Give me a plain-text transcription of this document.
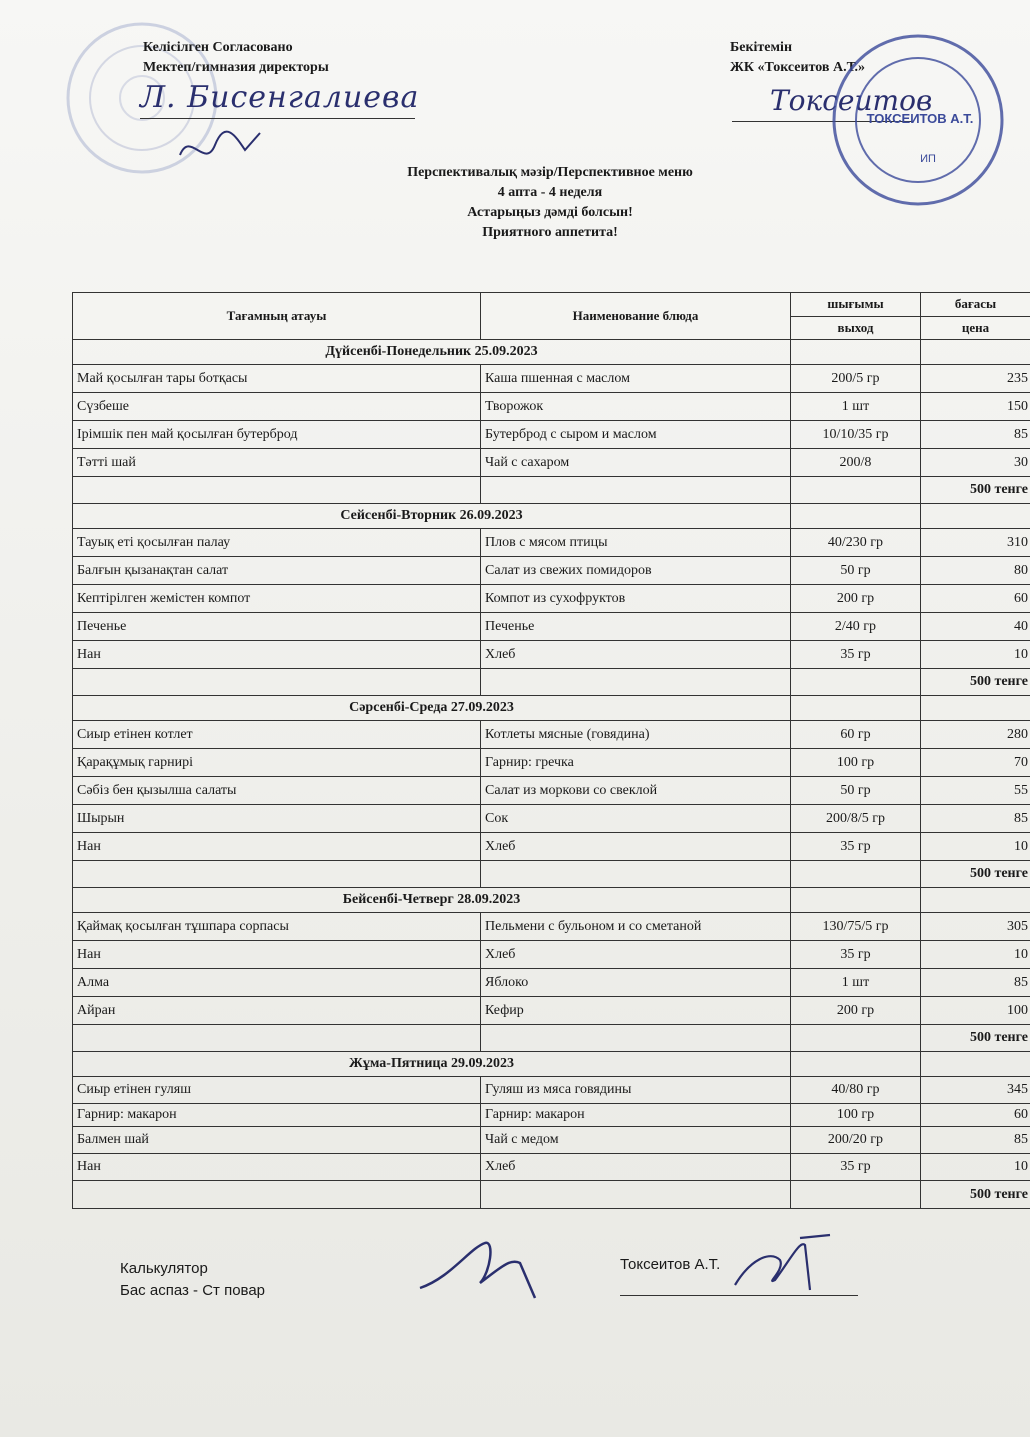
Келісілген Согласовано
Мектеп/гимназия директоры
Л. Бисенгалиева
Бекітемін
ЖК «Токсеитов А.Т.»
Токсеитов
ТОКСЕИТОВ А.Т.
ИП
Перспективалық мәзір/Перспективное меню
4 апта - 4 неделя
Астарыңыз дәмді болсын!
Приятного аппетита!
Тағамның атауы	Наименование блюда	шығымы	бағасы
		выход	цена
Дүйсенбі-Понедельник 25.09.2023			
Май қосылған тары ботқасы	Каша пшенная с маслом	200/5 гр	235
Сүзбеше	Творожок	1 шт	150
Ірімшік пен май қосылған бутерброд	Бутерброд с сыром и маслом	10/10/35 гр	85
Тәтті шай	Чай с сахаром	200/8	30
			500 тенге
Сейсенбі-Вторник 26.09.2023			
Тауық еті қосылған палау	Плов с мясом птицы	40/230 гр	310
Балғын қызанақтан салат	Салат из свежих помидоров	50 гр	80
Кептірілген жемістен компот	Компот из сухофруктов	200 гр	60
Печенье	Печенье	2/40 гр	40
Нан	Хлеб	35 гр	10
			500 тенге
Сәрсенбі-Среда 27.09.2023			
Сиыр етінен котлет	Котлеты мясные (говядина)	60 гр	280
Қарақұмық гарнирі	Гарнир: гречка	100 гр	70
Сәбіз бен қызылша салаты	Салат из моркови со свеклой	50 гр	55
Шырын	Сок	200/8/5 гр	85
Нан	Хлеб	35 гр	10
			500 тенге
Бейсенбі-Четверг 28.09.2023			
Қаймақ қосылған тұшпара сорпасы	Пельмени с бульоном и со сметаной	130/75/5 гр	305
Нан	Хлеб	35 гр	10
Алма	Яблоко	1 шт	85
Айран	Кефир	200 гр	100
			500 тенге
Жұма-Пятница 29.09.2023			
Сиыр етінен гуляш	Гуляш из мяса говядины	40/80 гр	345
Гарнир: макарон	Гарнир: макарон	100 гр	60
Балмен шай	Чай с медом	200/20 гр	85
Нан	Хлеб	35 гр	10
			500 тенге
Калькулятор
Бас аспаз - Ст повар
Токсеитов А.Т.
